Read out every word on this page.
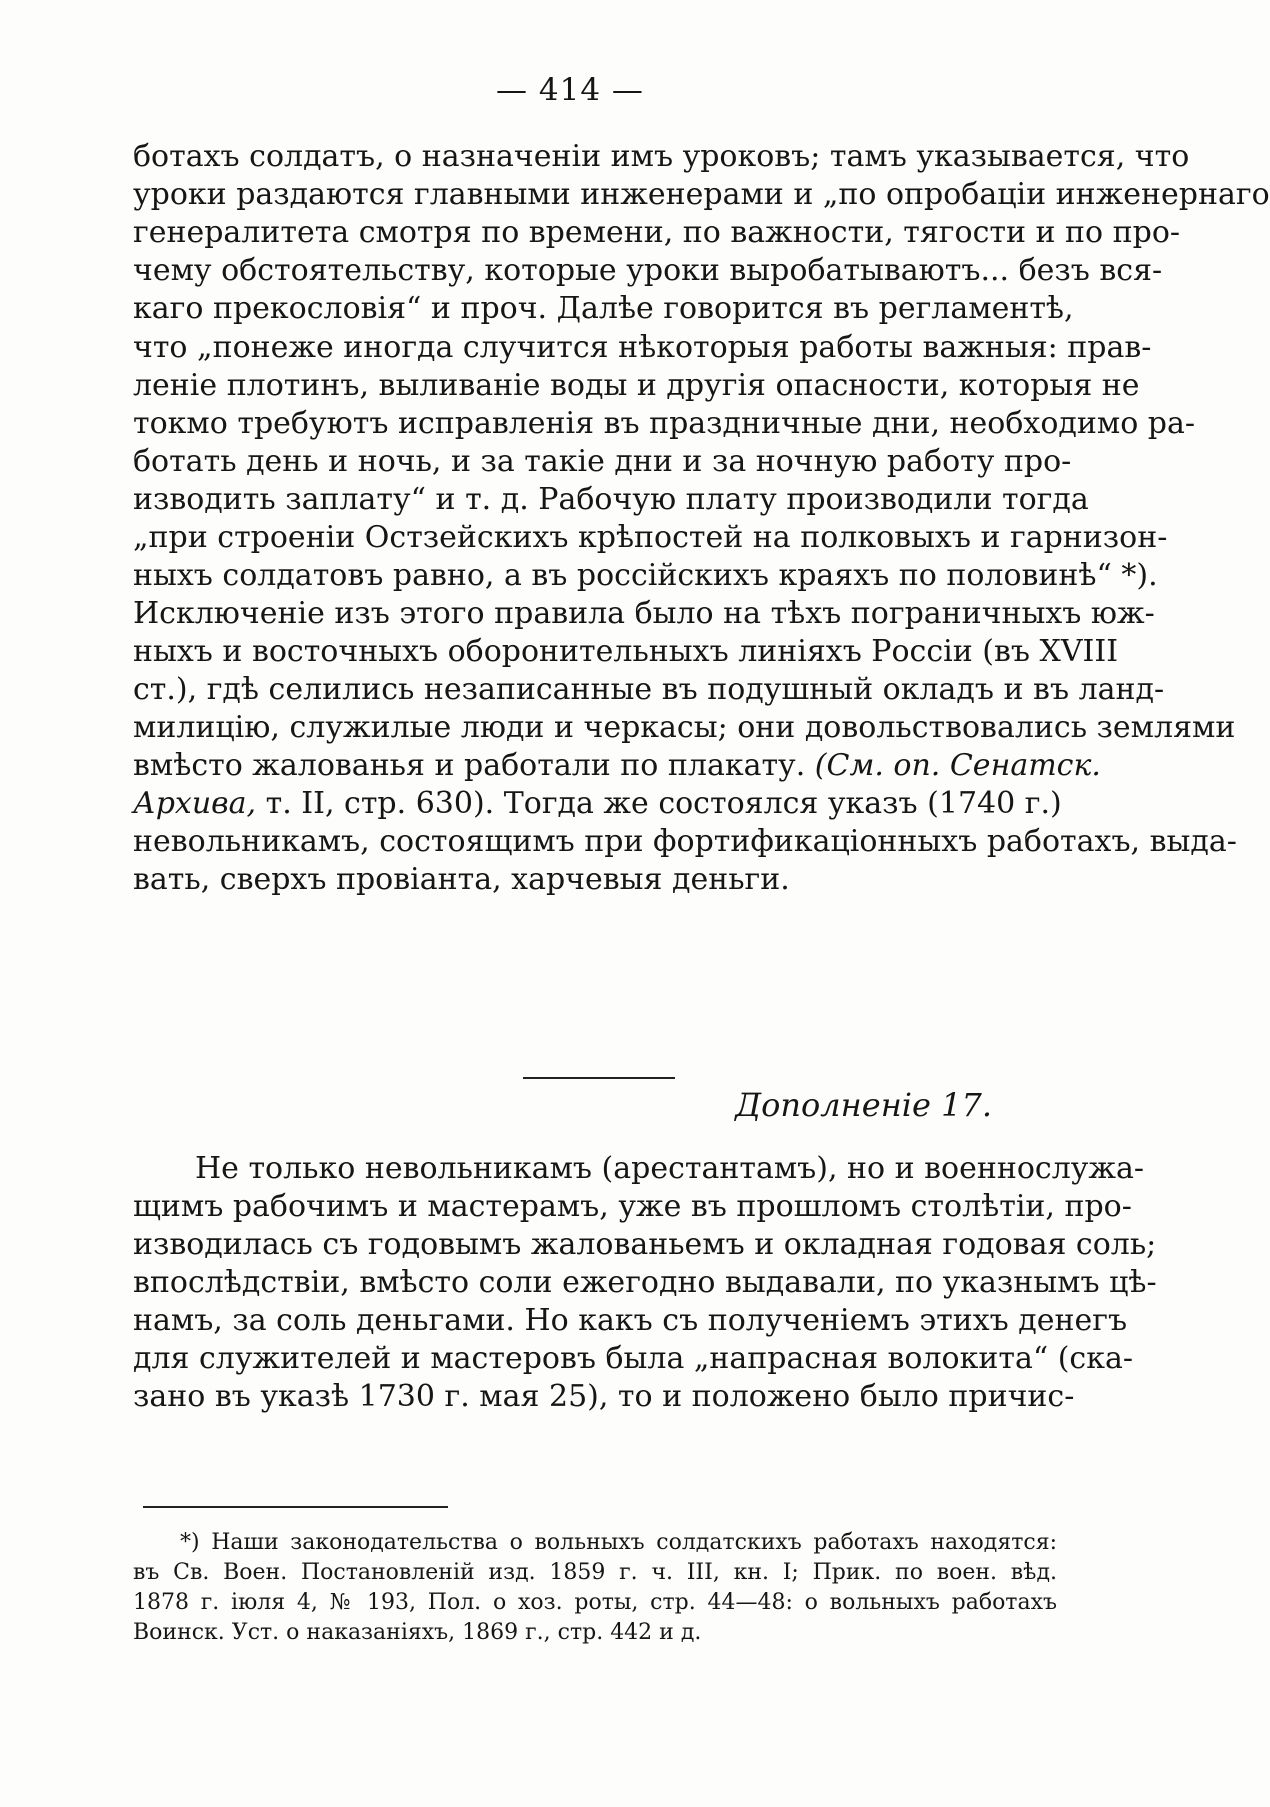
— 414 —
ботахъ солдатъ, о назначеніи имъ уроковъ; тамъ указывается, что
уроки раздаются главными инженерами и „по опробаціи инженернаго
генералитета смотря по времени, по важности, тягости и по про-
чему обстоятельству, которые уроки выробатываютъ... безъ вся-
каго прекословія“ и проч. Далѣе говорится въ регламентѣ,
что „понеже иногда случится нѣкоторыя работы важныя: прав-
леніе плотинъ, выливаніе воды и другія опасности, которыя не
токмо требуютъ исправленія въ праздничные дни, необходимо ра-
ботать день и ночь, и за такіе дни и за ночную работу про-
изводить заплату“ и т. д. Рабочую плату производили тогда
„при строеніи Остзейскихъ крѣпостей на полковыхъ и гарнизон-
ныхъ солдатовъ равно, а въ россійскихъ краяхъ по половинѣ“ *).
Исключеніе изъ этого правила было на тѣхъ пограничныхъ юж-
ныхъ и восточныхъ оборонительныхъ линіяхъ Россіи (въ XVIII
ст.), гдѣ селились незаписанные въ подушный окладъ и въ ланд-
милицію, служилые люди и черкасы; они довольствовались землями
вмѣсто жалованья и работали по плакату. (См. оп. Сенатск.
Архива, т. II, стр. 630). Тогда же состоялся указъ (1740 г.)
невольникамъ, состоящимъ при фортификаціонныхъ работахъ, выда-
вать, сверхъ провіанта, харчевыя деньги.
Дополненіе 17.
Не только невольникамъ (арестантамъ), но и военнослужа-
щимъ рабочимъ и мастерамъ, уже въ прошломъ столѣтіи, про-
изводилась съ годовымъ жалованьемъ и окладная годовая соль;
впослѣдствіи, вмѣсто соли ежегодно выдавали, по указнымъ цѣ-
намъ, за соль деньгами. Но какъ съ полученіемъ этихъ денегъ
для служителей и мастеровъ была „напрасная волокита“ (ска-
зано въ указѣ 1730 г. мая 25), то и положено было причис-
*) Наши законодательства о вольныхъ солдатскихъ работахъ находятся:
въ Св. Воен. Постановленій изд. 1859 г. ч. III, кн. I; Прик. по воен. вѣд.
1878 г. іюля 4, № 193, Пол. о хоз. роты, стр. 44—48: о вольныхъ работахъ
Воинск. Уст. о наказаніяхъ, 1869 г., стр. 442 и д.
